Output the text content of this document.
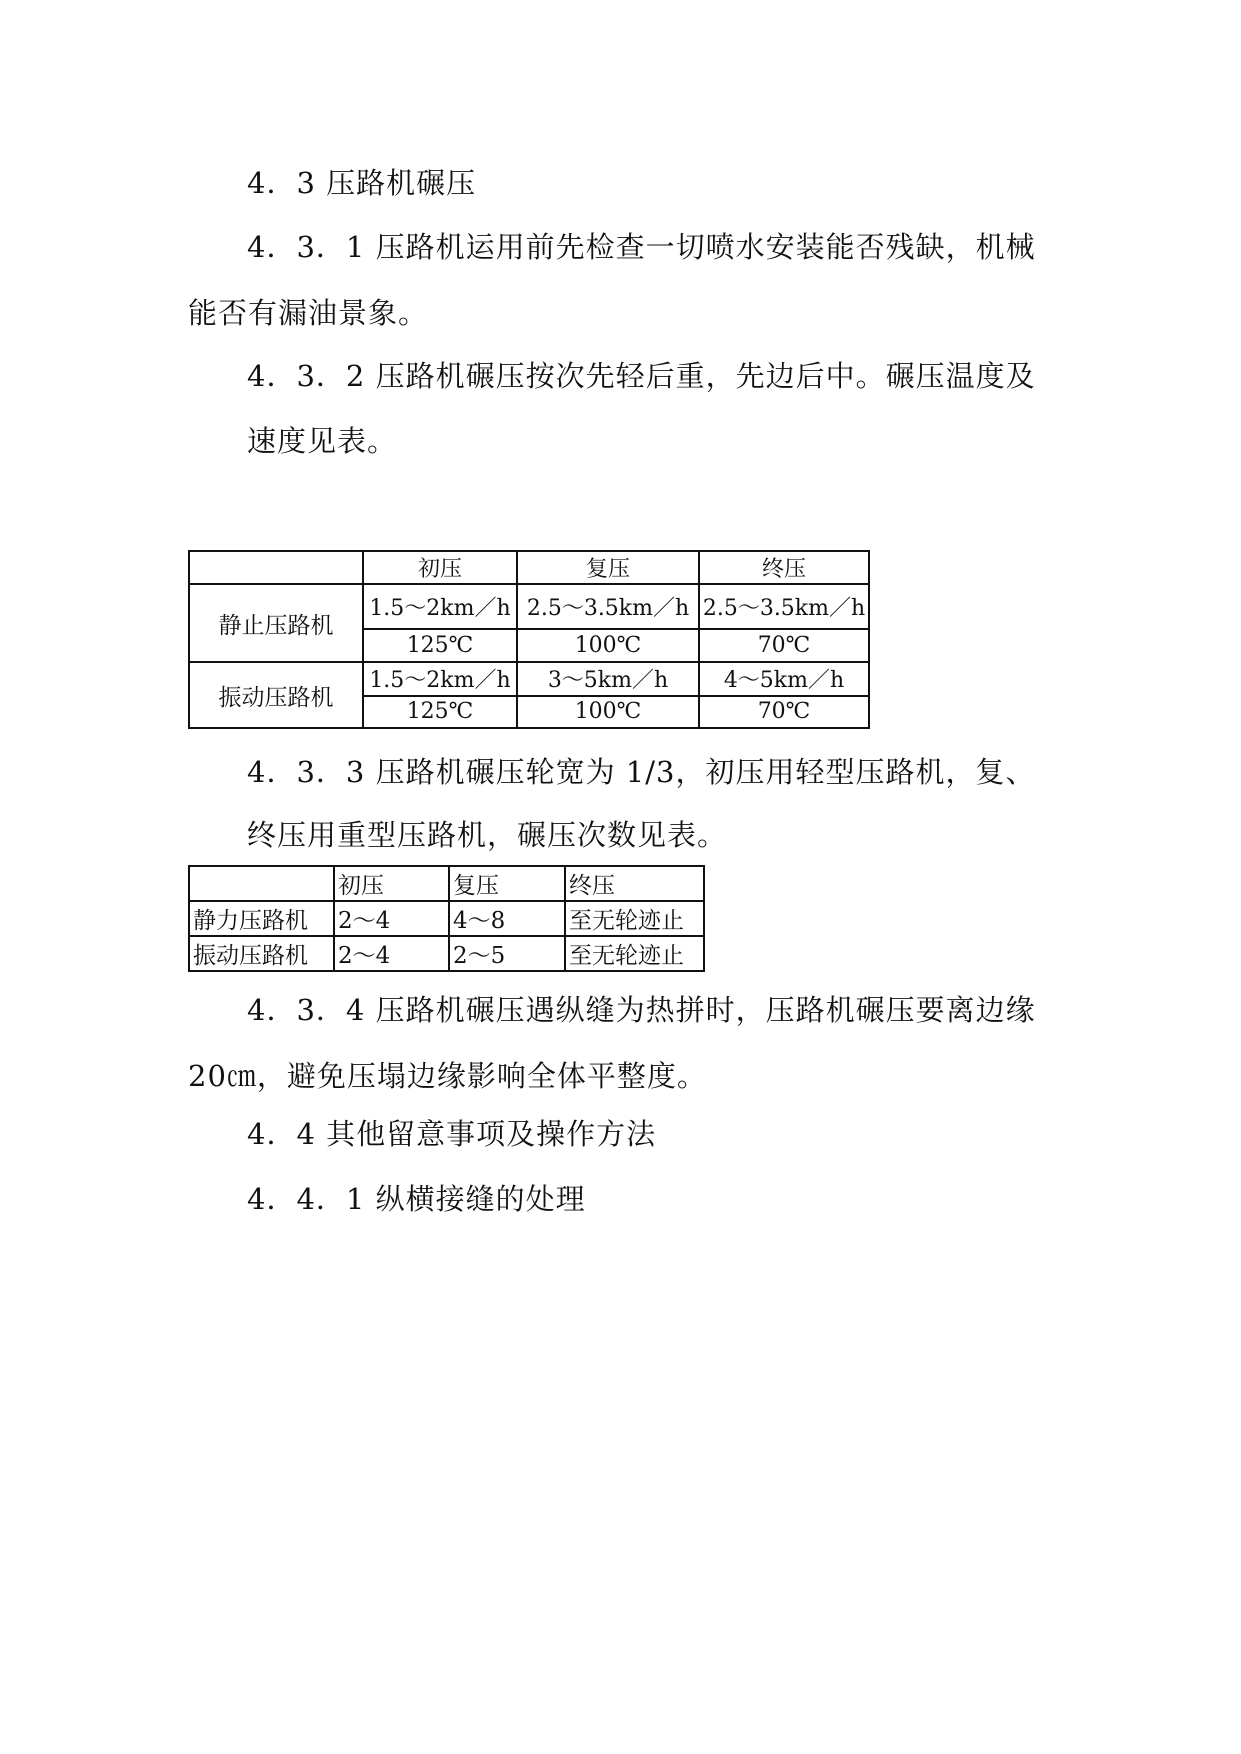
4．3 压路机碾压

4．3．1 压路机运用前先检查一切喷水安装能否残缺，机械能否有漏油景象。

4．3．2 压路机碾压按次先轻后重，先边后中。碾压温度及

速度见表。

	初压	复压	终压
静止压路机	1.5～2km／h	2.5～3.5km／h	2.5～3.5km／h
	125℃	100℃	70℃
振动压路机	1.5～2km／h	3～5km／h	4～5km／h
	125℃	100℃	70℃

4．3．3 压路机碾压轮宽为 1/3，初压用轻型压路机，复、

终压用重型压路机，碾压次数见表。

	初压	复压	终压
静力压路机	2～4	4～8	至无轮迹止
振动压路机	2～4	2～5	至无轮迹止

4．3．4 压路机碾压遇纵缝为热拼时，压路机碾压要离边缘 20㎝，避免压塌边缘影响全体平整度。

4．4 其他留意事项及操作方法

4．4．1 纵横接缝的处理
